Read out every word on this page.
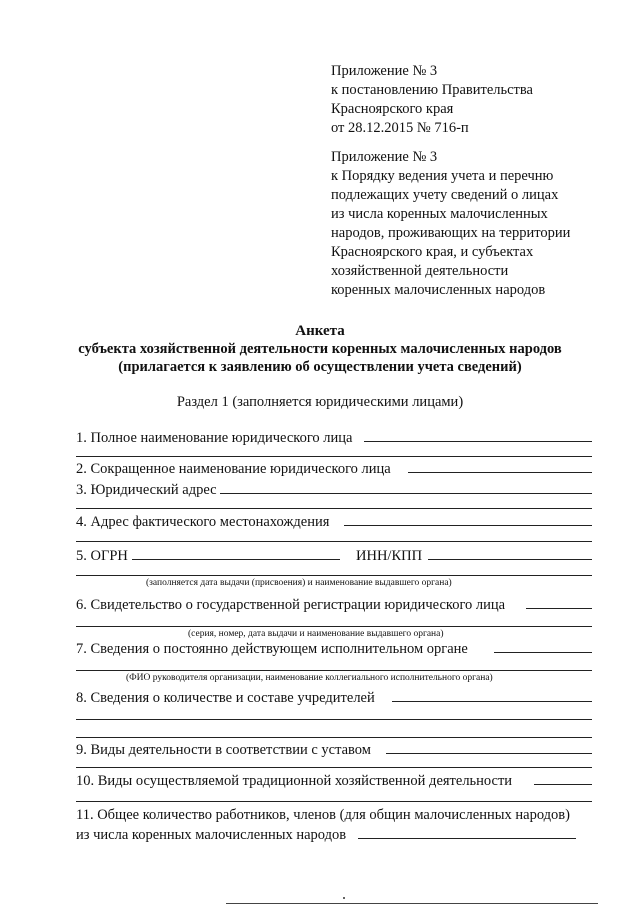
Приложение № 3
к постановлению Правительства
Красноярского края
от 28.12.2015 № 716-п
Приложение № 3
к Порядку ведения учета и перечню
подлежащих учету сведений о лицах
из числа коренных малочисленных
народов, проживающих на территории
Красноярского края, и субъектах
хозяйственной деятельности
коренных малочисленных народов
Анкета
субъекта хозяйственной деятельности коренных малочисленных народов
(прилагается к заявлению об осуществлении учета сведений)
Раздел 1 (заполняется юридическими лицами)
1. Полное наименование юридического лица
2. Сокращенное наименование юридического лица
3. Юридический адрес
4. Адрес фактического местонахождения
5. ОГРН	ИНН/КПП
(заполняется дата выдачи (присвоения) и наименование выдавшего органа)
6. Свидетельство о государственной регистрации юридического лица
(серия, номер, дата выдачи и наименование выдавшего органа)
7. Сведения о постоянно действующем исполнительном органе
(ФИО руководителя организации, наименование коллегиального исполнительного органа)
8. Сведения о количестве и составе учредителей
9. Виды деятельности в соответствии с уставом
10. Виды осуществляемой традиционной хозяйственной деятельности
11. Общее количество работников, членов (для общин малочисленных народов)
из числа коренных малочисленных народов
